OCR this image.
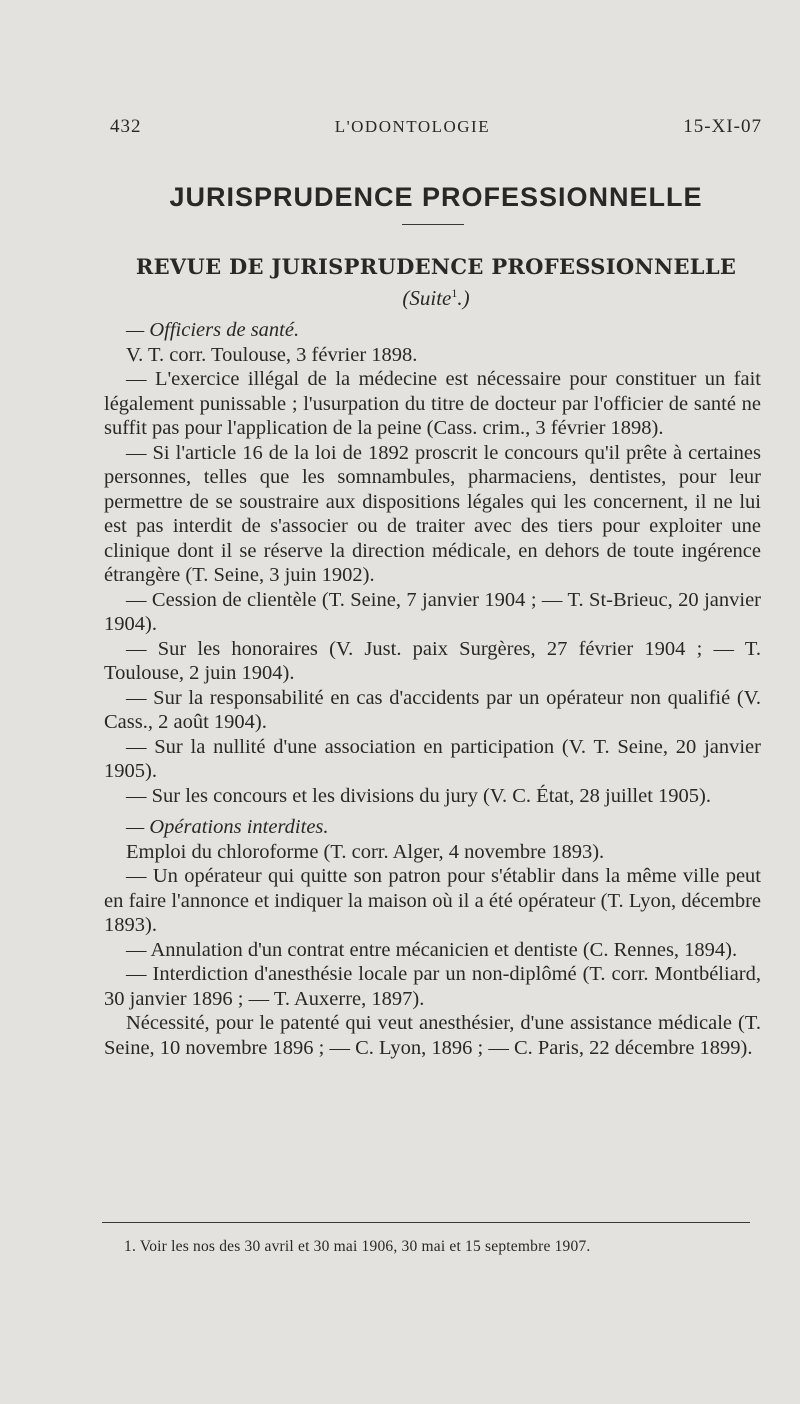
432	L'ODONTOLOGIE	15-XI-07
JURISPRUDENCE PROFESSIONNELLE
REVUE DE JURISPRUDENCE PROFESSIONNELLE
(Suite$^1$.)

— Officiers de santé.

V. T. corr. Toulouse, 3 février 1898.

— L'exercice illégal de la médecine est nécessaire pour constituer un fait légalement punissable ; l'usurpation du titre de docteur par l'officier de santé ne suffit pas pour l'application de la peine (Cass. crim., 3 février 1898).

— Si l'article 16 de la loi de 1892 proscrit le concours qu'il prête à certaines personnes, telles que les somnambules, pharmaciens, dentistes, pour leur permettre de se soustraire aux dispositions légales qui les concernent, il ne lui est pas interdit de s'associer ou de traiter avec des tiers pour exploiter une clinique dont il se réserve la direction médicale, en dehors de toute ingérence étrangère (T. Seine, 3 juin 1902).

— Cession de clientèle (T. Seine, 7 janvier 1904 ; — T. St-Brieuc, 20 janvier 1904).

— Sur les honoraires (V. Just. paix Surgères, 27 février 1904 ; — T. Toulouse, 2 juin 1904).

— Sur la responsabilité en cas d'accidents par un opérateur non qualifié (V. Cass., 2 août 1904).

— Sur la nullité d'une association en participation (V. T. Seine, 20 janvier 1905).

— Sur les concours et les divisions du jury (V. C. État, 28 juillet 1905).

— Opérations interdites.

Emploi du chloroforme (T. corr. Alger, 4 novembre 1893).

— Un opérateur qui quitte son patron pour s'établir dans la même ville peut en faire l'annonce et indiquer la maison où il a été opérateur (T. Lyon, décembre 1893).

— Annulation d'un contrat entre mécanicien et dentiste (C. Rennes, 1894).

— Interdiction d'anesthésie locale par un non-diplômé (T. corr. Montbéliard, 30 janvier 1896 ; — T. Auxerre, 1897).

Nécessité, pour le patenté qui veut anesthésier, d'une assistance médicale (T. Seine, 10 novembre 1896 ; — C. Lyon, 1896 ; — C. Paris, 22 décembre 1899).

1. Voir les nos des 30 avril et 30 mai 1906, 30 mai et 15 septembre 1907.
